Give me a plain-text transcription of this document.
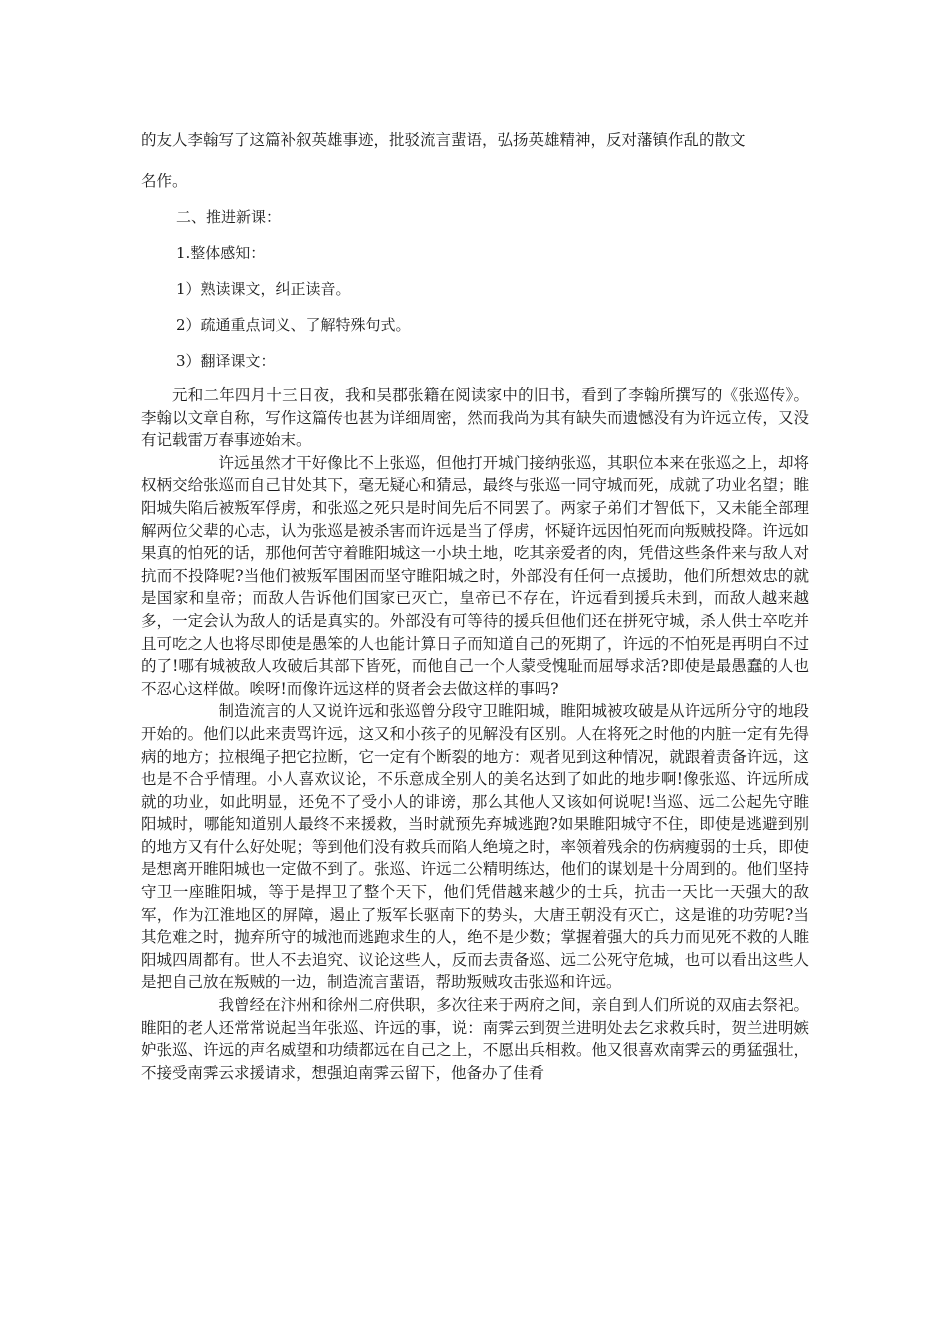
的友人李翰写了这篇补叙英雄事迹，批驳流言蜚语，弘扬英雄精神，反对藩镇作乱的散文
名作。
二、推进新课：
1.整体感知：
1）熟读课文，纠正读音。
2）疏通重点词义、了解特殊句式。
3）翻译课文：

元和二年四月十三日夜，我和吴郡张籍在阅读家中的旧书，看到了李翰所撰写的《张巡传》。李翰以文章自称，写作这篇传也甚为详细周密，然而我尚为其有缺失而遗憾没有为许远立传，又没有记载雷万春事迹始末。

许远虽然才干好像比不上张巡，但他打开城门接纳张巡，其职位本来在张巡之上，却将权柄交给张巡而自己甘处其下，毫无疑心和猜忌，最终与张巡一同守城而死，成就了功业名望；睢阳城失陷后被叛军俘虏，和张巡之死只是时间先后不同罢了。两家子弟们才智低下，又未能全部理解两位父辈的心志，认为张巡是被杀害而许远是当了俘虏，怀疑许远因怕死而向叛贼投降。许远如果真的怕死的话，那他何苦守着睢阳城这一小块土地，吃其亲爱者的肉，凭借这些条件来与敌人对抗而不投降呢?当他们被叛军围困而坚守睢阳城之时，外部没有任何一点援助，他们所想效忠的就是国家和皇帝；而敌人告诉他们国家已灭亡，皇帝已不存在，许远看到援兵未到，而敌人越来越多，一定会认为敌人的话是真实的。外部没有可等待的援兵但他们还在拼死守城，杀人供士卒吃并且可吃之人也将尽即使是愚笨的人也能计算日子而知道自己的死期了，许远的不怕死是再明白不过的了!哪有城被敌人攻破后其部下皆死，而他自己一个人蒙受愧耻而屈辱求活?即使是最愚蠢的人也不忍心这样做。唉呀!而像许远这样的贤者会去做这样的事吗?

制造流言的人又说许远和张巡曾分段守卫睢阳城，睢阳城被攻破是从许远所分守的地段开始的。他们以此来责骂许远，这又和小孩子的见解没有区别。人在将死之时他的内脏一定有先得病的地方；拉根绳子把它拉断，它一定有个断裂的地方：观者见到这种情况，就跟着责备许远，这也是不合乎情理。小人喜欢议论，不乐意成全别人的美名达到了如此的地步啊!像张巡、许远所成就的功业，如此明显，还免不了受小人的诽谤，那么其他人又该如何说呢!当巡、远二公起先守睢阳城时，哪能知道别人最终不来援救，当时就预先弃城逃跑?如果睢阳城守不住，即使是逃避到别的地方又有什么好处呢；等到他们没有救兵而陷人绝境之时，率领着残余的伤病瘦弱的士兵，即使是想离开睢阳城也一定做不到了。张巡、许远二公精明练达，他们的谋划是十分周到的。他们坚持守卫一座睢阳城，等于是捍卫了整个天下，他们凭借越来越少的士兵，抗击一天比一天强大的敌军，作为江淮地区的屏障，遏止了叛军长驱南下的势头，大唐王朝没有灭亡，这是谁的功劳呢?当其危难之时，抛弃所守的城池而逃跑求生的人，绝不是少数；掌握着强大的兵力而见死不救的人睢阳城四周都有。世人不去追究、议论这些人，反而去责备巡、远二公死守危城，也可以看出这些人是把自己放在叛贼的一边，制造流言蜚语，帮助叛贼攻击张巡和许远。

我曾经在汴州和徐州二府供职，多次往来于两府之间，亲自到人们所说的双庙去祭祀。睢阳的老人还常常说起当年张巡、许远的事，说：南霁云到贺兰进明处去乞求救兵时，贺兰进明嫉妒张巡、许远的声名威望和功绩都远在自己之上，不愿出兵相救。他又很喜欢南霁云的勇猛强壮，不接受南霁云求援请求，想强迫南霁云留下，他备办了佳肴
